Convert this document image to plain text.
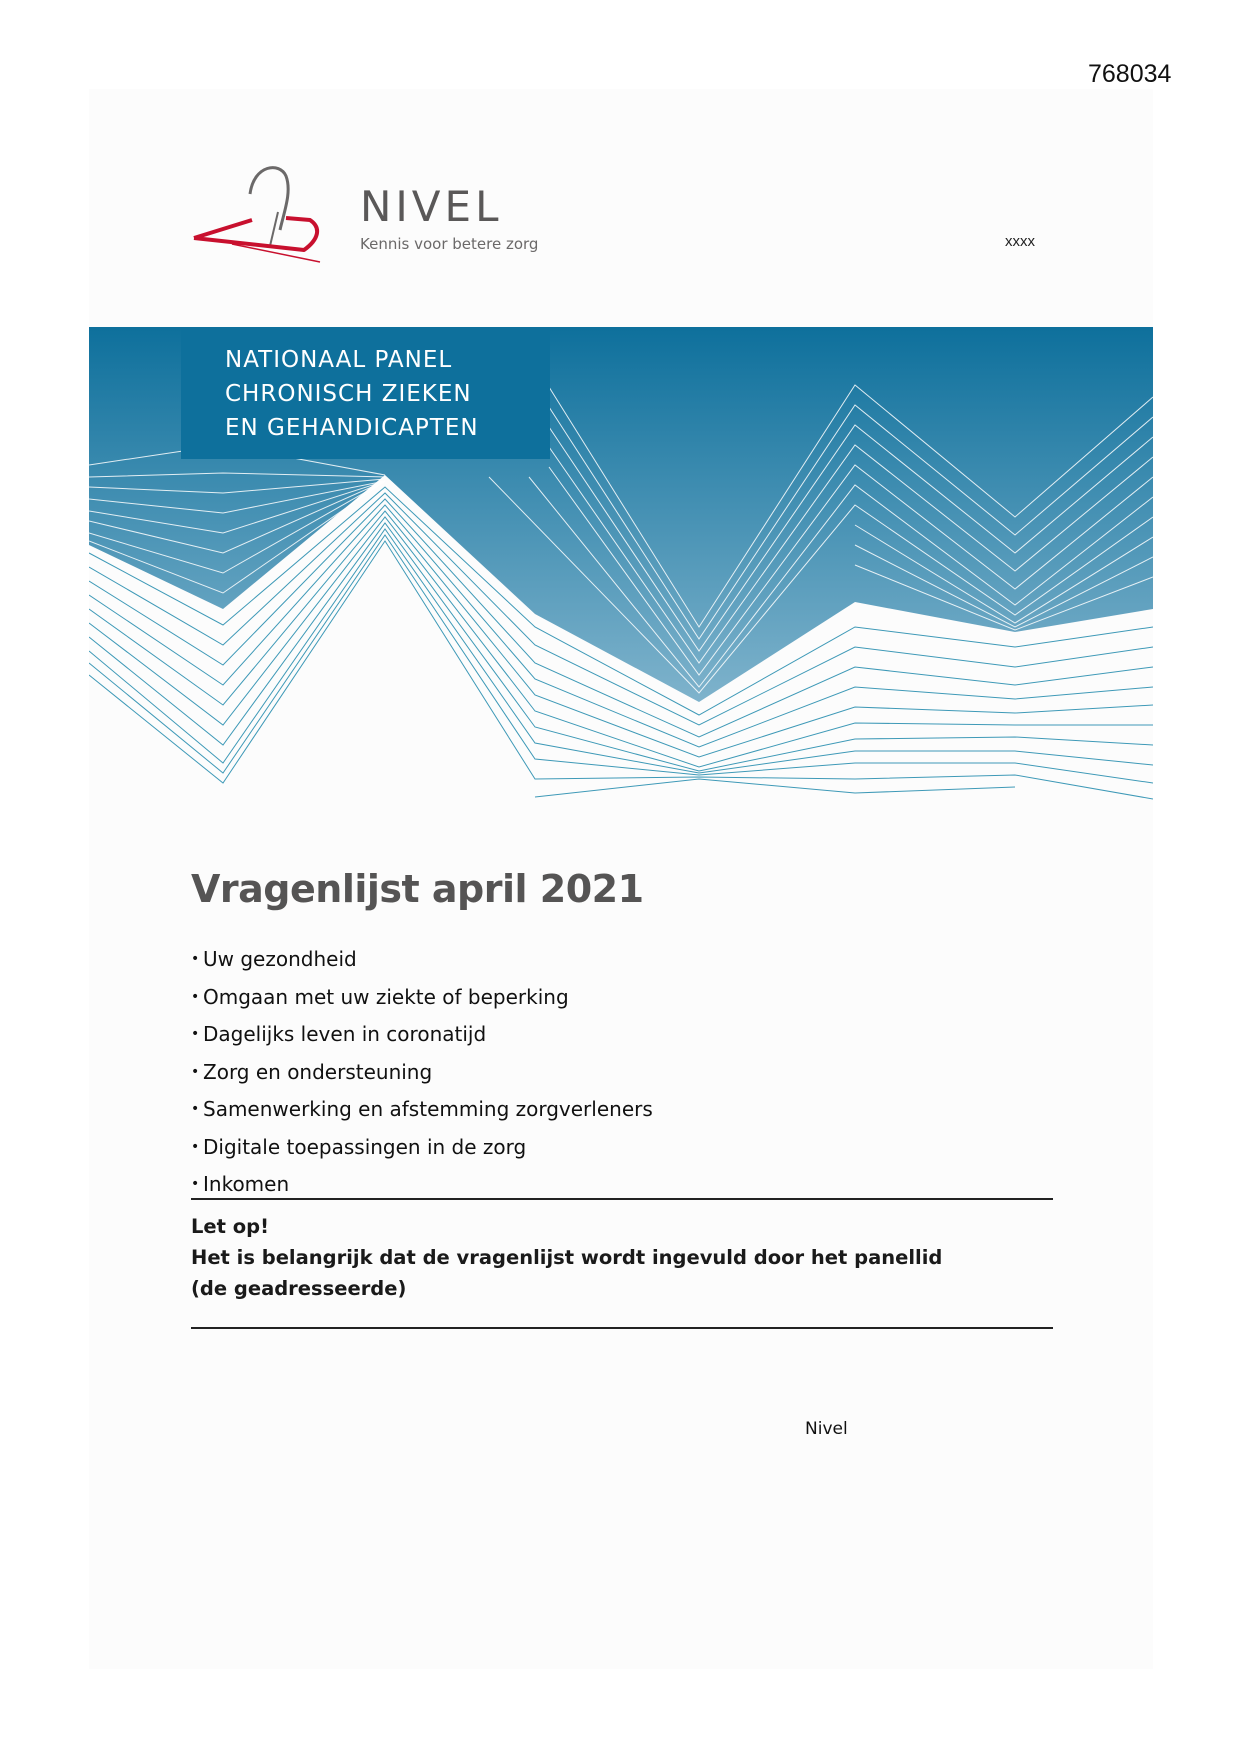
768034
NIVEL
Kennis voor betere zorg	xxxx
NATIONAAL PANEL
CHRONISCH ZIEKEN
EN GEHANDICAPTEN
Vragenlijst april 2021
• Uw gezondheid
• Omgaan met uw ziekte of beperking
• Dagelijks leven in coronatijd
• Zorg en ondersteuning
• Samenwerking en afstemming zorgverleners
• Digitale toepassingen in de zorg
• Inkomen
Let op!
Het is belangrijk dat de vragenlijst wordt ingevuld door het panellid
(de geadresseerde)
Nivel
